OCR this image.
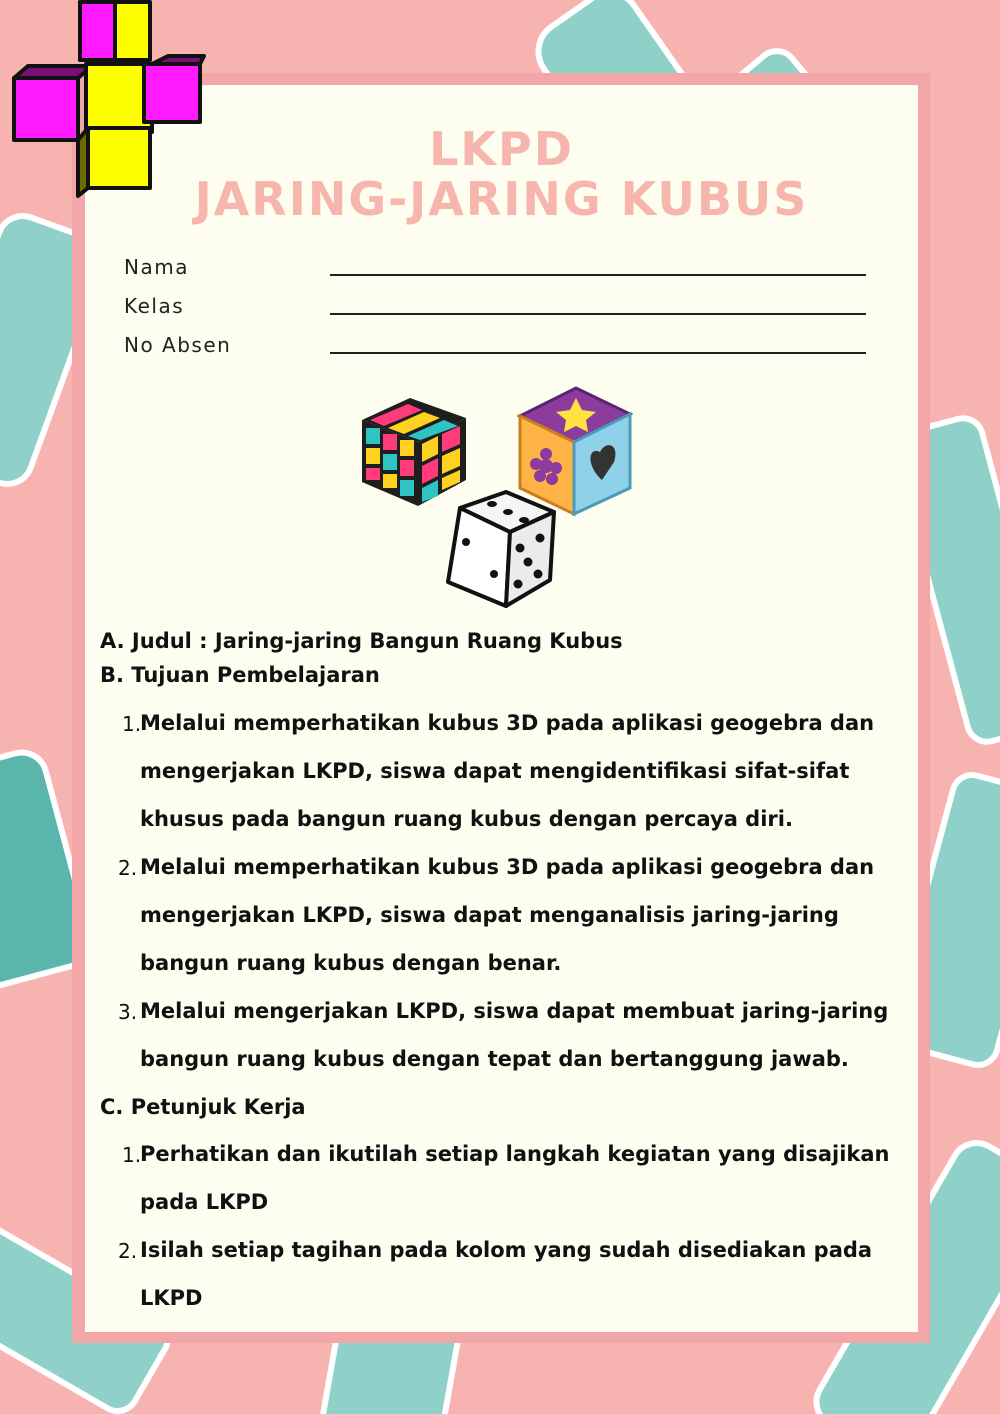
LKPD
JARING-JARING KUBUS
Nama
Kelas
No Absen
A. Judul : Jaring-jaring Bangun Ruang Kubus
B. Tujuan Pembelajaran
1.
Melalui memperhatikan kubus 3D pada aplikasi geogebra dan
mengerjakan LKPD, siswa dapat mengidentifikasi sifat-sifat
khusus pada bangun ruang kubus dengan percaya diri.
2. Melalui memperhatikan kubus 3D pada aplikasi geogebra dan
mengerjakan LKPD, siswa dapat menganalisis jaring-jaring
bangun ruang kubus dengan benar.
3. Melalui mengerjakan LKPD, siswa dapat membuat jaring-jaring
bangun ruang kubus dengan tepat dan bertanggung jawab.
C. Petunjuk Kerja
1.
Perhatikan dan ikutilah setiap langkah kegiatan yang disajikan
pada LKPD
2. Isilah setiap tagihan pada kolom yang sudah disediakan pada
LKPD
